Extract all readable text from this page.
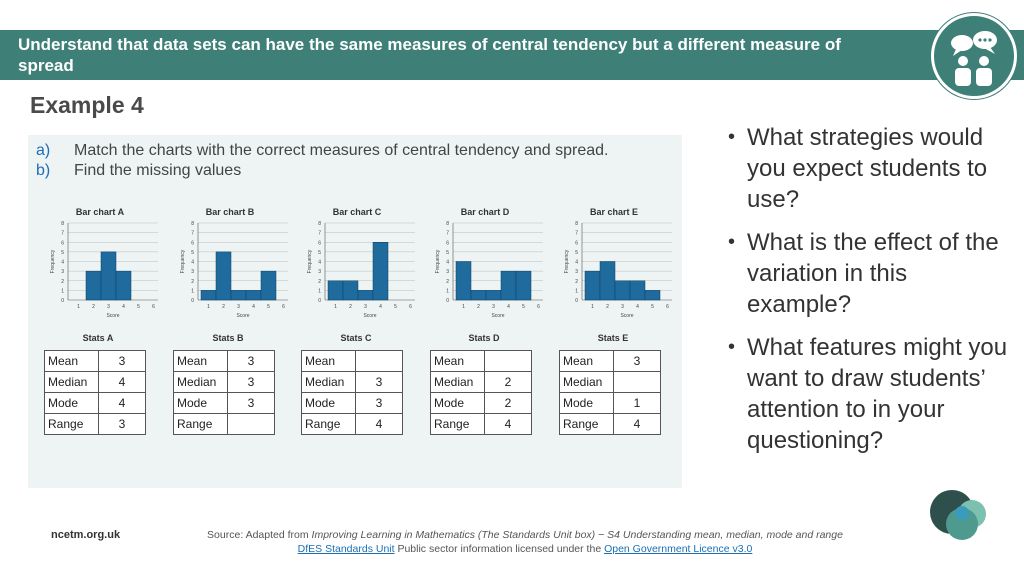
Understand that data sets can have the same measures of central tendency but a different measure of spread
Example 4
a) Match the charts with the correct measures of central tendency and spread.
b) Find the missing values
Bar chart A
0
1
2
3
4
5
6
7
8
Frequency
1 2 3 4 5 6
Score
Bar chart B
0
1
2
3
4
5
6
7
8
Frequency
1 2 3 4 5 6
Score
Bar chart C
0
1
2
3
4
5
6
7
8
Frequency
1 2 3 4 5 6
Score
Bar chart D
0
1
2
3
4
5
6
7
8
Frequency
1 2 3 4 5 6
Score
Bar chart E
0
1
2
3
4
5
6
7
8
Frequency
1 2 3 4 5 6
Score
Stats A	Stats B	Stats C	Stats D	Stats E
Mean	3
Median	4
Mode	4
Range	3
Mean	3
Median	3
Mode	3
Range	
Mean	
Median	3
Mode	3
Range	4
Mean	
Median	2
Mode	2
Range	4
Mean	3
Median	
Mode	1
Range	4
• What strategies would you expect students to use?
• What is the effect of the variation in this example?
• What features might you want to draw students’ attention to in your questioning?
ncetm.org.uk	Source: Adapted from Improving Learning in Mathematics (The Standards Unit box) − S4 Understanding mean, median, mode and range
DfES Standards Unit Public sector information licensed under the Open Government Licence v3.0
